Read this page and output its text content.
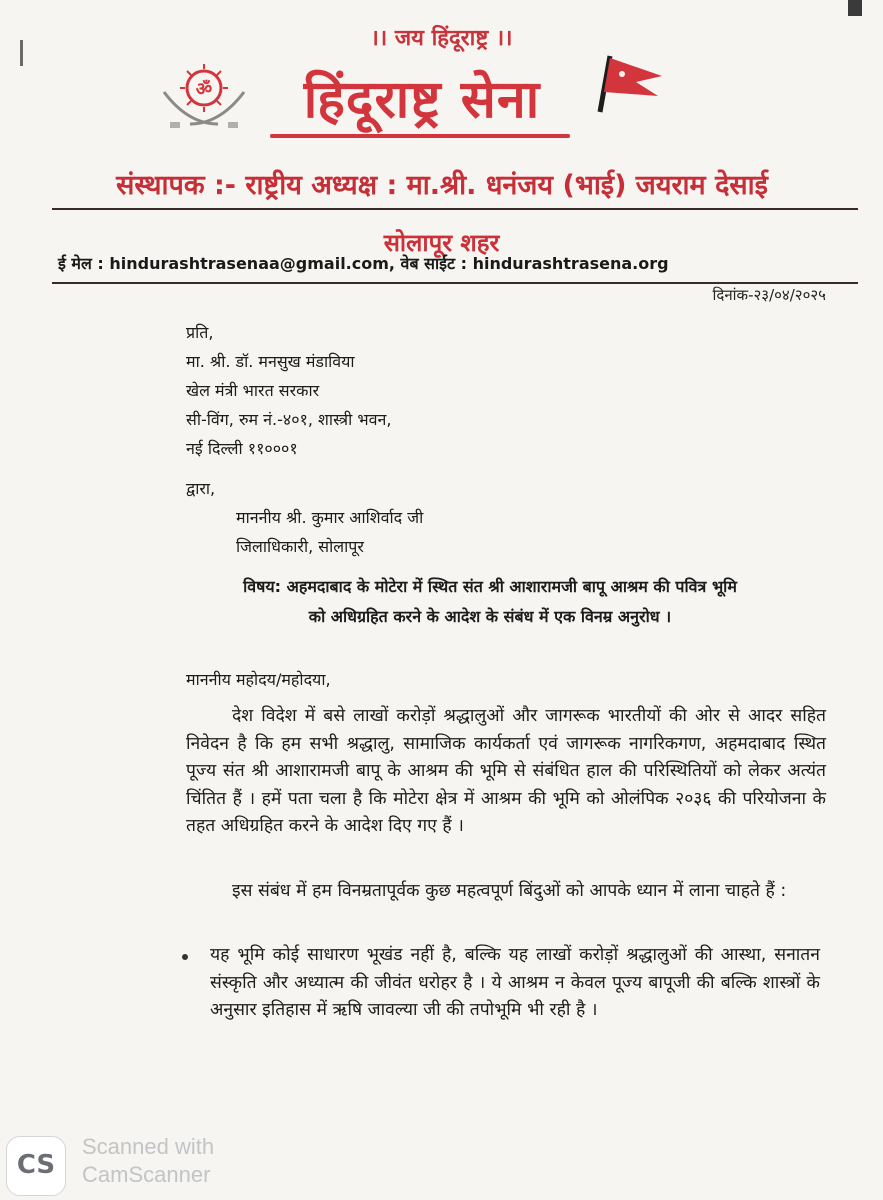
।। जय हिंदूराष्ट्र ।।
ॐ	हिंदूराष्ट्र सेना
संस्थापक :- राष्ट्रीय अध्यक्ष : मा.श्री. धनंजय (भाई) जयराम देसाई
सोलापूर शहर
ई मेल : hindurashtrasenaa@gmail.com, वेब साईट : hindurashtrasena.org
दिनांक-२३/०४/२०२५
प्रति,
मा. श्री. डॉ. मनसुख मंडाविया
खेल मंत्री भारत सरकार
सी-विंग, रुम नं.-४०१, शास्त्री भवन,
नई दिल्ली ११०००१
द्वारा,
माननीय श्री. कुमार आशिर्वाद जी
जिलाधिकारी, सोलापूर
विषय: अहमदाबाद के मोटेरा में स्थित संत श्री आशारामजी बापू आश्रम की पवित्र भूमि
को अधिग्रहित करने के आदेश के संबंध में एक विनम्र अनुरोध ।
माननीय महोदय/महोदया,
देश विदेश में बसे लाखों करोड़ों श्रद्धालुओं और जागरूक भारतीयों की ओर से आदर सहित निवेदन है कि हम सभी श्रद्धालु, सामाजिक कार्यकर्ता एवं जागरूक नागरिकगण, अहमदाबाद स्थित पूज्य संत श्री आशारामजी बापू के आश्रम की भूमि से संबंधित हाल की परिस्थितियों को लेकर अत्यंत चिंतित हैं । हमें पता चला है कि मोटेरा क्षेत्र में आश्रम की भूमि को ओलंपिक २०३६ की परियोजना के तहत अधिग्रहित करने के आदेश दिए गए हैं ।
इस संबंध में हम विनम्रतापूर्वक कुछ महत्वपूर्ण बिंदुओं को आपके ध्यान में लाना चाहते हैं :
यह भूमि कोई साधारण भूखंड नहीं है, बल्कि यह लाखों करोड़ों श्रद्धालुओं की आस्था, सनातन संस्कृति और अध्यात्म की जीवंत धरोहर है । ये आश्रम न केवल पूज्य बापूजी की बल्कि शास्त्रों के अनुसार इतिहास में ऋषि जावल्या जी की तपोभूमि भी रही है ।
CS
Scanned with
CamScanner
